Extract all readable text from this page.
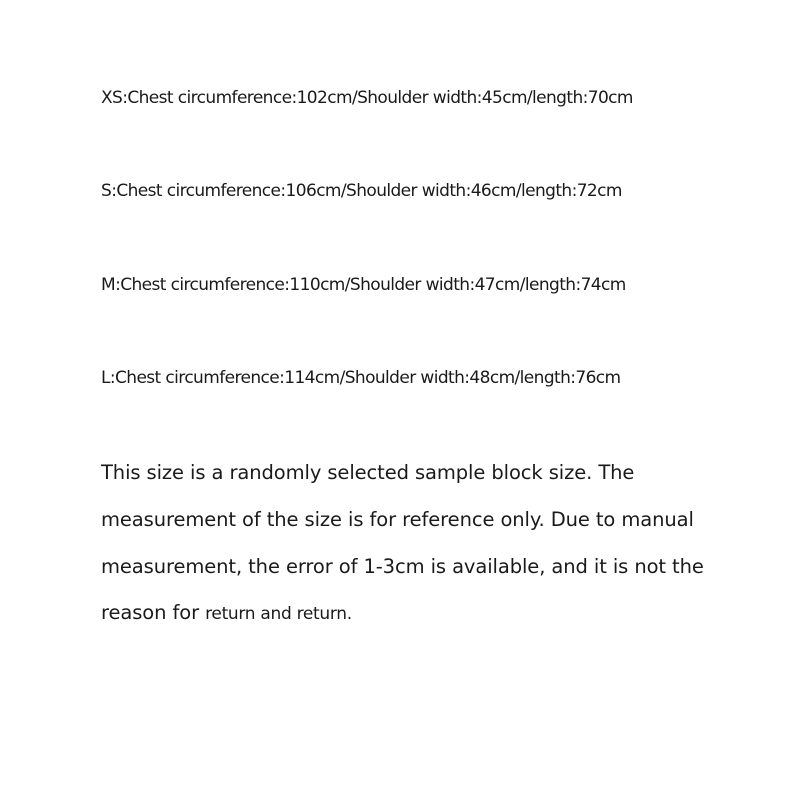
XS:Chest circumference:102cm/Shoulder width:45cm/length:70cm

S:Chest circumference:106cm/Shoulder width:46cm/length:72cm

M:Chest circumference:110cm/Shoulder width:47cm/length:74cm

L:Chest circumference:114cm/Shoulder width:48cm/length:76cm

This size is a randomly selected sample block size. The

measurement of the size is for reference only. Due to manual

measurement, the error of 1-3cm is available, and it is not the

reason for return and return.
